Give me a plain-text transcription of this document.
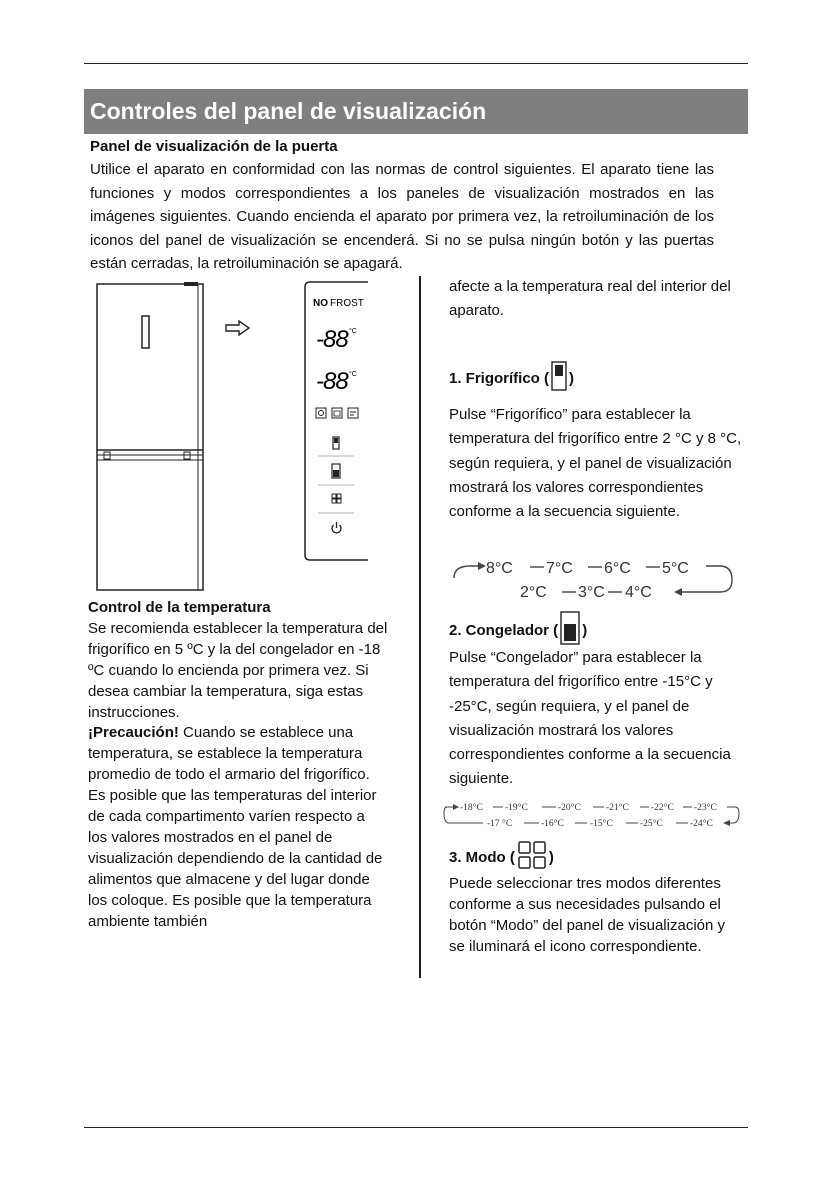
Controles del panel de visualización

Panel de visualización de la puerta

Utilice el aparato en conformidad con las normas de control siguientes. El aparato tiene las funciones y modos correspondientes a los paneles de visualización mostrados en las imágenes siguientes. Cuando encienda el aparato por primera vez, la retroiluminación de los iconos del panel de visualización se encenderá. Si no se pulsa ningún botón y las puertas están cerradas, la retroiluminación se apagará.

NO FROST
-88 °C
-88 °C

Control de la temperatura

Se recomienda establecer la temperatura del frigorífico en 5 ºC y la del congelador en -18 ºC cuando lo encienda por primera vez. Si desea cambiar la temperatura, siga estas instrucciones.

¡Precaución! Cuando se establece una temperatura, se establece la temperatura promedio de todo el armario del frigorífico. Es posible que las temperaturas del interior de cada compartimento varíen respecto a los valores mostrados en el panel de visualización dependiendo de la cantidad de alimentos que almacene y del lugar donde los coloque. Es posible que la temperatura ambiente también

afecte a la temperatura real del interior del aparato.

1. Frigorífico ( )

Pulse “Frigorífico” para establecer la temperatura del frigorífico entre 2 °C y 8 °C, según requiera, y el panel de visualización mostrará los valores correspondientes conforme a la secuencia siguiente.

8°C 7°C 6°C 5°C
2°C 3°C 4°C
2. Congelador ( )

Pulse “Congelador” para establecer la temperatura del frigorífico entre -15°C y -25°C, según requiera, y el panel de visualización mostrará los valores correspondientes conforme a la secuencia siguiente.

-18°C -19°C	-20°C	-21°C -22°C -23°C
-17 °C	-16°C	-15°C	-25°C	-24°C
3. Modo ( )

Puede seleccionar tres modos diferentes conforme a sus necesidades pulsando el botón “Modo” del panel de visualización y se iluminará el icono correspondiente.
